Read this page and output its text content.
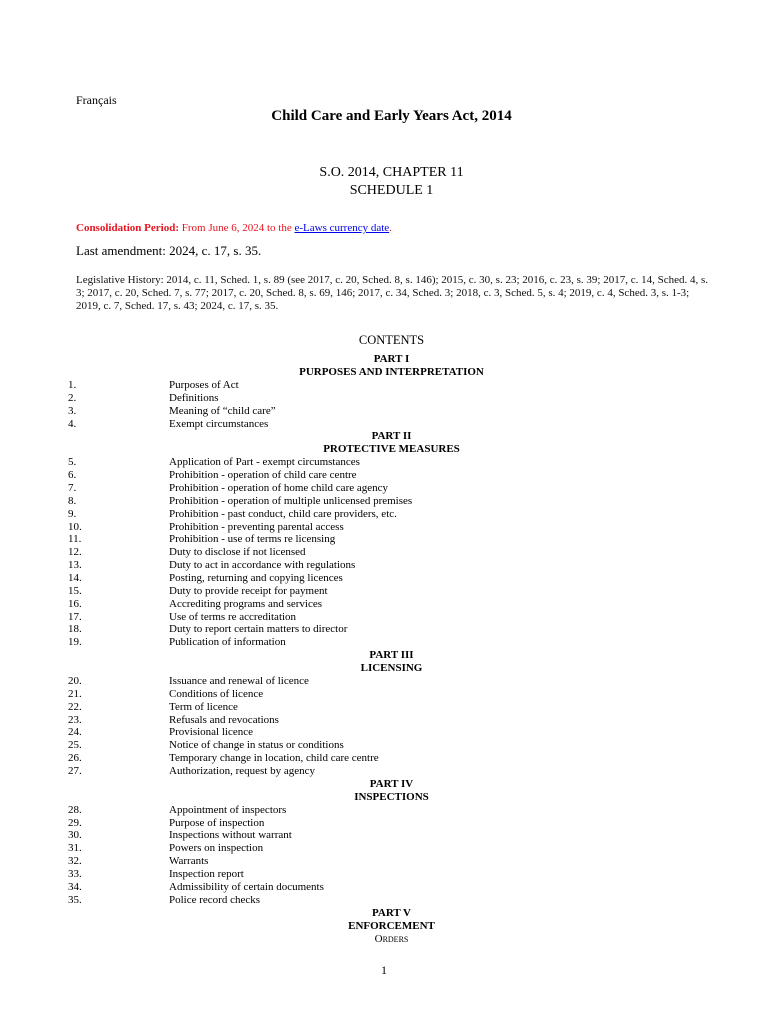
Français
Child Care and Early Years Act, 2014
S.O. 2014, CHAPTER 11
SCHEDULE 1
Consolidation Period: From June 6, 2024 to the e-Laws currency date.
Last amendment: 2024, c. 17, s. 35.
Legislative History: 2014, c. 11, Sched. 1, s. 89 (see 2017, c. 20, Sched. 8, s. 146); 2015, c. 30, s. 23; 2016, c. 23, s. 39; 2017, c. 14, Sched. 4, s. 3; 2017, c. 20, Sched. 7, s. 77; 2017, c. 20, Sched. 8, s. 69, 146; 2017, c. 34, Sched. 3; 2018, c. 3, Sched. 5, s. 4; 2019, c. 4, Sched. 3, s. 1-3; 2019, c. 7, Sched. 17, s. 43; 2024, c. 17, s. 35.
CONTENTS
PART I
PURPOSES AND INTERPRETATION
1.	Purposes of Act
2.	Definitions
3.	Meaning of “child care”
4.	Exempt circumstances
PART II
PROTECTIVE MEASURES
5.	Application of Part - exempt circumstances
6.	Prohibition - operation of child care centre
7.	Prohibition - operation of home child care agency
8.	Prohibition - operation of multiple unlicensed premises
9.	Prohibition - past conduct, child care providers, etc.
10.	Prohibition - preventing parental access
11.	Prohibition - use of terms re licensing
12.	Duty to disclose if not licensed
13.	Duty to act in accordance with regulations
14.	Posting, returning and copying licences
15.	Duty to provide receipt for payment
16.	Accrediting programs and services
17.	Use of terms re accreditation
18.	Duty to report certain matters to director
19.	Publication of information
PART III
LICENSING
20.	Issuance and renewal of licence
21.	Conditions of licence
22.	Term of licence
23.	Refusals and revocations
24.	Provisional licence
25.	Notice of change in status or conditions
26.	Temporary change in location, child care centre
27.	Authorization, request by agency
PART IV
INSPECTIONS
28.	Appointment of inspectors
29.	Purpose of inspection
30.	Inspections without warrant
31.	Powers on inspection
32.	Warrants
33.	Inspection report
34.	Admissibility of certain documents
35.	Police record checks
PART V
ENFORCEMENT
Orders
1
